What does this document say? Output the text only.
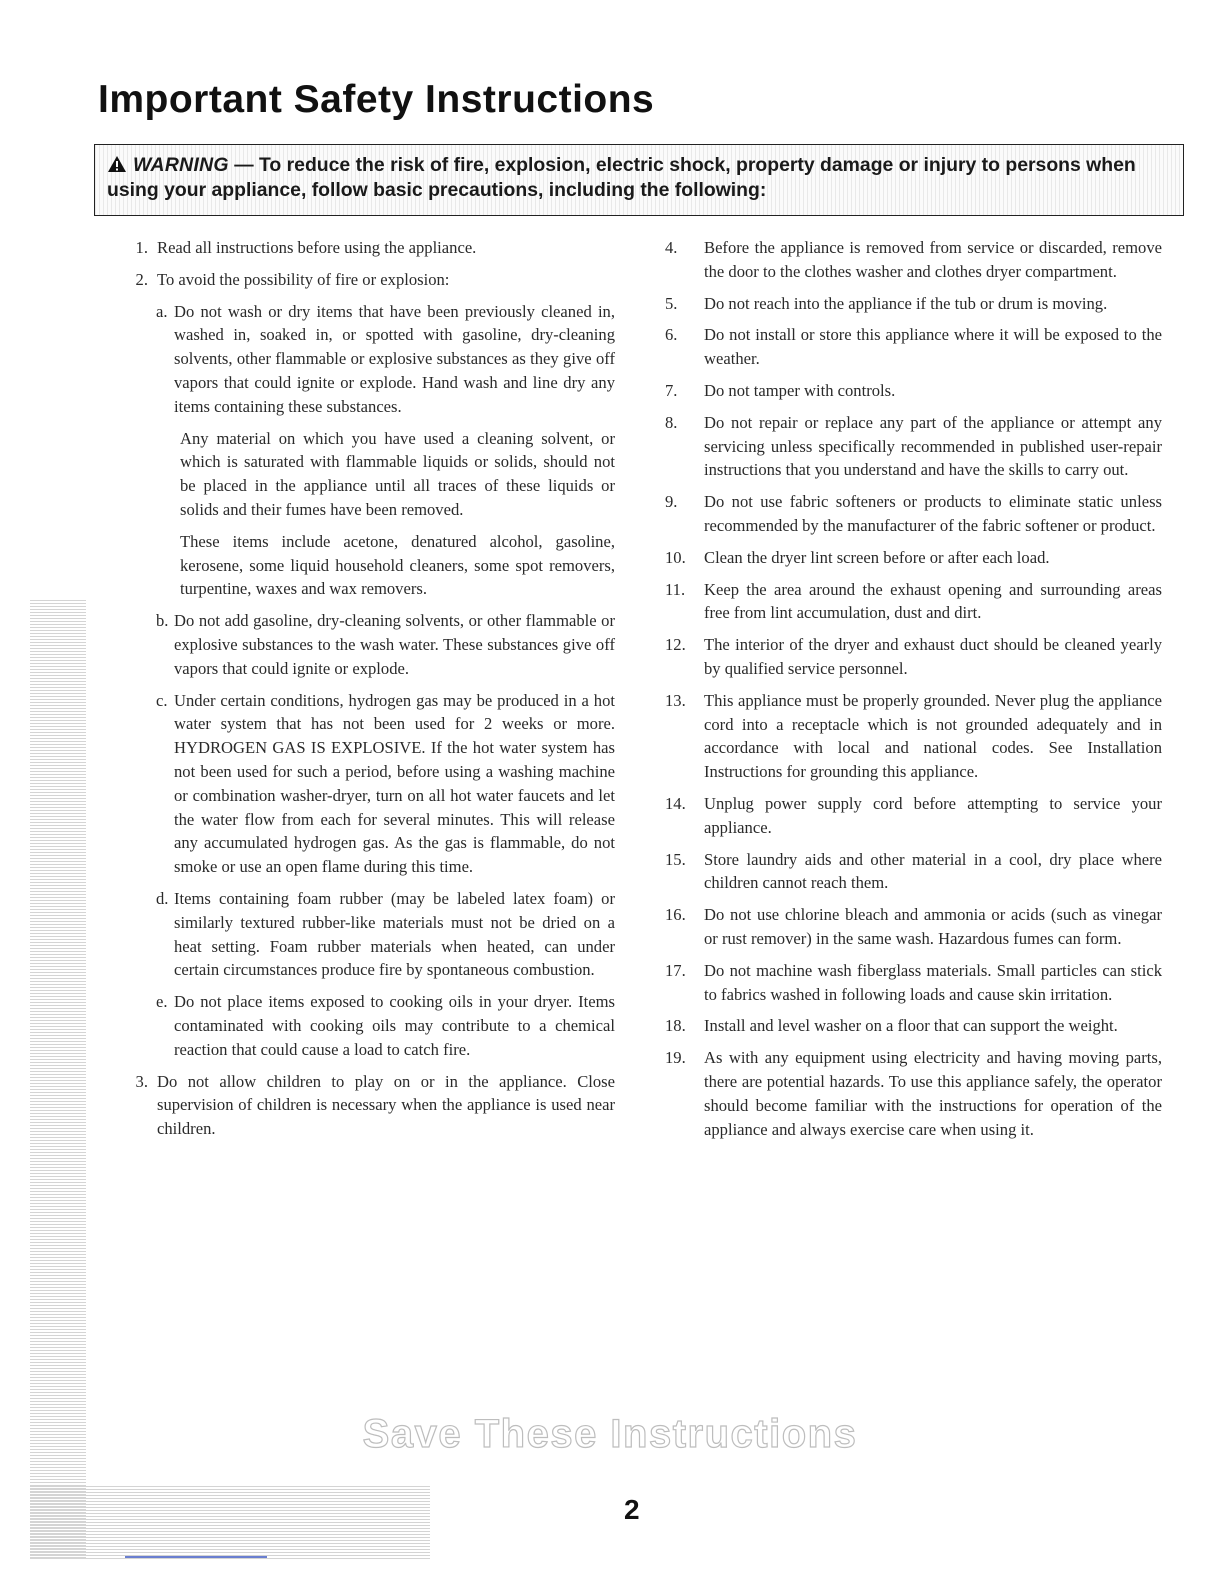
Important Safety Instructions
WARNING — To reduce the risk of fire, explosion, electric shock, property damage or injury to persons when using your appliance, follow basic precautions, including the following:
1. Read all instructions before using the appliance.
2. To avoid the possibility of fire or explosion:
a. Do not wash or dry items that have been previously cleaned in, washed in, soaked in, or spotted with gasoline, dry-cleaning solvents, other flammable or explosive substances as they give off vapors that could ignite or explode. Hand wash and line dry any items containing these substances.
Any material on which you have used a cleaning solvent, or which is saturated with flammable liquids or solids, should not be placed in the appliance until all traces of these liquids or solids and their fumes have been removed.
These items include acetone, denatured alcohol, gasoline, kerosene, some liquid household cleaners, some spot removers, turpentine, waxes and wax removers.
b. Do not add gasoline, dry-cleaning solvents, or other flammable or explosive substances to the wash water. These substances give off vapors that could ignite or explode.
c. Under certain conditions, hydrogen gas may be produced in a hot water system that has not been used for 2 weeks or more. HYDROGEN GAS IS EXPLOSIVE. If the hot water system has not been used for such a period, before using a washing machine or combination washer-dryer, turn on all hot water faucets and let the water flow from each for several minutes. This will release any accumulated hydrogen gas. As the gas is flammable, do not smoke or use an open flame during this time.
d. Items containing foam rubber (may be labeled latex foam) or similarly textured rubber-like materials must not be dried on a heat setting. Foam rubber materials when heated, can under certain circumstances produce fire by spontaneous combustion.
e. Do not place items exposed to cooking oils in your dryer. Items contaminated with cooking oils may contribute to a chemical reaction that could cause a load to catch fire.
3. Do not allow children to play on or in the appliance. Close supervision of children is necessary when the appliance is used near children.
4. Before the appliance is removed from service or discarded, remove the door to the clothes washer and clothes dryer compartment.
5. Do not reach into the appliance if the tub or drum is moving.
6. Do not install or store this appliance where it will be exposed to the weather.
7. Do not tamper with controls.
8. Do not repair or replace any part of the appliance or attempt any servicing unless specifically recommended in published user-repair instructions that you understand and have the skills to carry out.
9. Do not use fabric softeners or products to eliminate static unless recommended by the manufacturer of the fabric softener or product.
10. Clean the dryer lint screen before or after each load.
11. Keep the area around the exhaust opening and surrounding areas free from lint accumulation, dust and dirt.
12. The interior of the dryer and exhaust duct should be cleaned yearly by qualified service personnel.
13. This appliance must be properly grounded. Never plug the appliance cord into a receptacle which is not grounded adequately and in accordance with local and national codes. See Installation Instructions for grounding this appliance.
14. Unplug power supply cord before attempting to service your appliance.
15. Store laundry aids and other material in a cool, dry place where children cannot reach them.
16. Do not use chlorine bleach and ammonia or acids (such as vinegar or rust remover) in the same wash. Hazardous fumes can form.
17. Do not machine wash fiberglass materials. Small particles can stick to fabrics washed in following loads and cause skin irritation.
18. Install and level washer on a floor that can support the weight.
19. As with any equipment using electricity and having moving parts, there are potential hazards. To use this appliance safely, the operator should become familiar with the instructions for operation of the appliance and always exercise care when using it.
Save These Instructions
2
